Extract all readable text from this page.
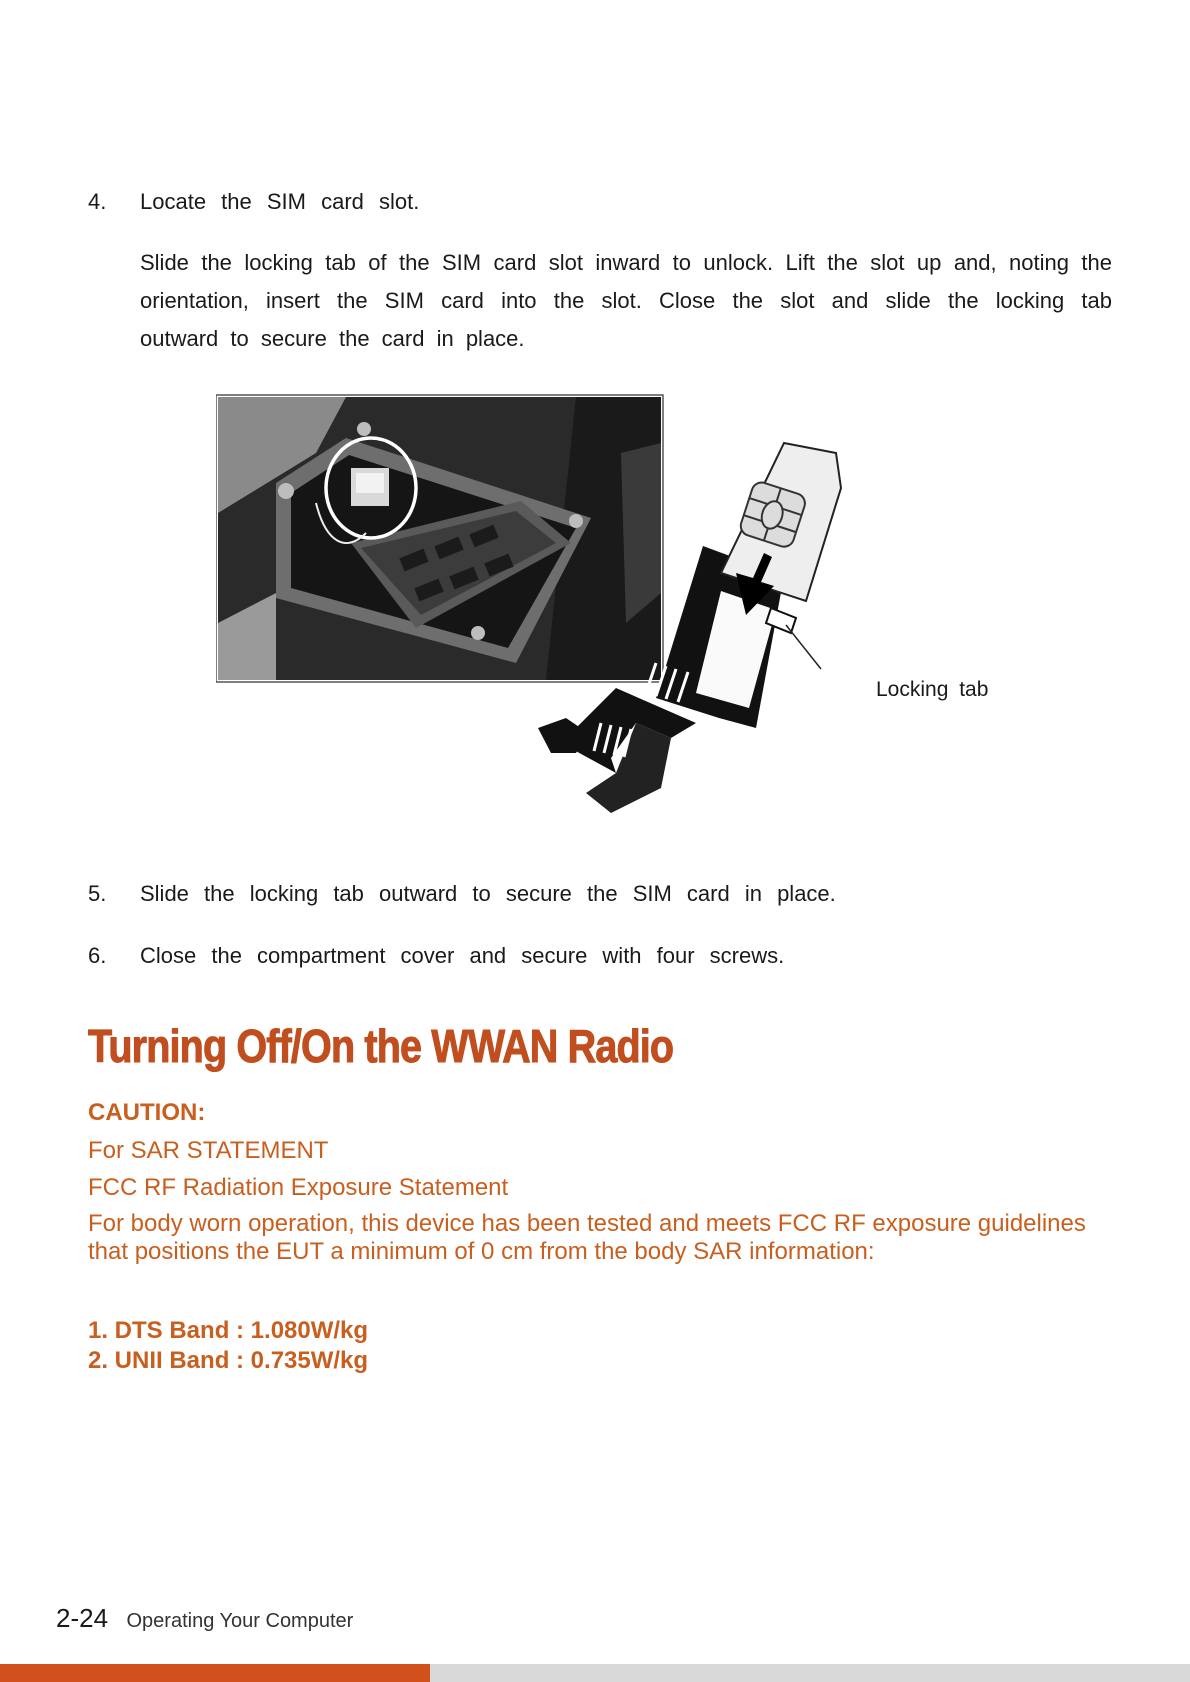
4. Locate the SIM card slot.
Slide the locking tab of the SIM card slot inward to unlock. Lift the slot up and, noting the orientation, insert the SIM card into the slot. Close the slot and slide the locking tab outward to secure the card in place.
Locking tab
5. Slide the locking tab outward to secure the SIM card in place.
6. Close the compartment cover and secure with four screws.
Turning Off/On the WWAN Radio
CAUTION:
For SAR STATEMENT
FCC RF Radiation Exposure Statement
For body worn operation, this device has been tested and meets FCC RF exposure guidelines that positions the EUT a minimum of 0 cm from the body SAR information:
1. DTS Band : 1.080W/kg
2. UNII Band : 0.735W/kg
2-24 Operating Your Computer
